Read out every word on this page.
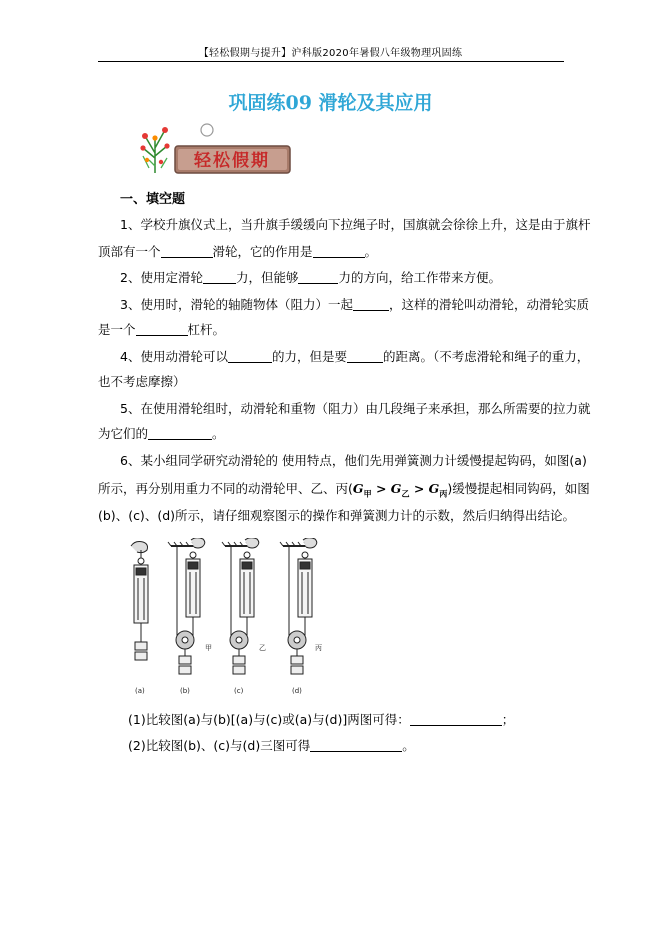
【轻松假期与提升】沪科版2020年暑假八年级物理巩固练
巩固练09 滑轮及其应用
轻松假期
一、填空题
1、学校升旗仪式上，当升旗手缓缓向下拉绳子时，国旗就会徐徐上升，这是由于旗杆
顶部有一个	滑轮，它的作用是	。
2、使用定滑轮	力，但能够	力的方向，给工作带来方便。
3、使用时，滑轮的轴随物体（阻力）一起	，这样的滑轮叫动滑轮，动滑轮实质
是一个	杠杆。
4、使用动滑轮可以	的力，但是要	的距离。（不考虑滑轮和绳子的重力，
也不考虑摩擦）
5、在使用滑轮组时，动滑轮和重物（阻力）由几段绳子来承担，那么所需要的拉力就
为它们的	。
6、某小组同学研究动滑轮的 使用特点，他们先用弹簧测力计缓慢提起钩码，如图(a)
所示，再分别用重力不同的动滑轮甲、乙、丙$(G_甲 > G_乙 > G_丙)$缓慢提起相同钩码，如图
(b)、(c)、(d)所示，请仔细观察图示的操作和弹簧测力计的示数，然后归纳得出结论。
甲	乙	丙
(a)	(b)	(c)	(d)
(1)比较图(a)与(b)[(a)与(c)或(a)与(d)]两图可得：	；
(2)比较图(b)、(c)与(d)三图可得	。
